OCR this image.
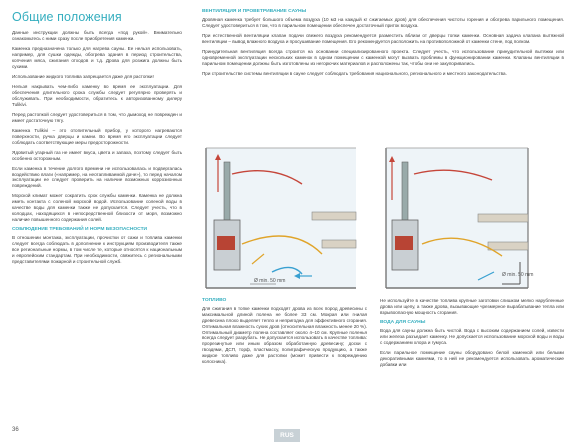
Общие положения

Данные инструкции должны быть всегда «под рукой». Внимательно ознакомьтесь с ними сразу после приобретения каменки.

Каменка предназначена только для нагрева сауны. Ее нельзя использовать, например, для сушки одежды, обогрева здания в период строительства, копчения мяса, сжигания отходов и т.д. Дрова для розжига должны быть сухими.

Использование жидкого топлива запрещается даже для растопки!

Нельзя накрывать чем-либо каменку во время ее эксплуатации. Для обеспечения длительного срока службы следует регулярно проверять и обслуживать. При необходимости, обратитесь к авторизованному дилеру Tulikivi.

Перед растопкой следует удостовериться в том, что дымоход не поврежден и имеет достаточную тягу.

Каменка Tulikivi – это отопительный прибор, у которого нагреваются поверхности, ручка дверцы и камни. Во время его эксплуатации следует соблюдать соответствующие меры предосторожности.

Ядовитый угарный газ не имеет вкуса, цвета и запаха, поэтому следует быть особенно осторожным.

Если каменка в течение долгого времени не использовалась и подвергалась воздействию влаги («например, на неотапливаемой даче»), то перед началом эксплуатации ее следует проверить на наличие возможных коррозионных повреждений.

Морской климат может сократить срок службы каменки. Каменка не должна иметь контакта с соленой морской водой. Использование соленой воды в качестве воды для каменки также не допускается. Следует учесть, что в колодцах, находящихся в непосредственной близости от моря, возможно наличие повышенного содержания солей.

СОБЛЮДЕНИЕ ТРЕБОВАНИЙ И НОРМ БЕЗОПАСНОСТИ

В отношении монтажа, эксплуатации, прочистки от сажи и топлива каменки следует всегда соблюдать в дополнение к инструкциям производителя также все региональные нормы, в том числе те, которые относятся к национальным и европейским стандартам. При необходимости, свяжитесь с региональными представителями пожарной и строительной служб.

ВЕНТИЛЯЦИЯ И ПРОВЕТРИВАНИЕ САУНЫ

Дровяная каменка требует большого объема воздуха (10 м3 на каждый кг сжигаемых дров) для обеспечения чистоты горения и обогрева парильного помещения. Следует удостовериться в том, что в парильном помещении обеспечен достаточный приток воздуха.

При естественной вентиляции клапан подачи свежего воздуха рекомендуется разместить вблизи от дверцы топки каменки. Основная задача клапана вытяжной вентиляции – вывод влажного воздуха и просушивание помещения. Его рекомендуется расположить на противоположной от каменки стене, под полком.

Принудительная вентиляция всегда строится на основании специализированного проекта. Следует учесть, что использование принудительной вытяжки или одновременной эксплуатации нескольких каменок в одном помещении с каменкой могут вызвать проблемы в функционировании каменки. Клапаны вентиляции в парильном помещении должны быть изготовлены из негорючих материалов и расположены так, чтобы они не закупоривались.

При строительстве системы вентиляции в сауне следует соблюдать требования национального, регионального и местного законодательства.

Ø min. 50 mm
Ø min. 50 mm
ТОПЛИВО

Для сжигания в топке каменки подходят дрова из всех пород древесины с максимальной длиной полена не более 33 см. Мокрая или гнилая древесина плохо выделяет тепло и непригодна для эффективного сгорания. Оптимальная влажность сухих дров (относительная влажность менее 20 %). Оптимальный диаметр полена составляет около 4–10 см. Крупные поленья всегда следует разрубать. Не допускается использовать в качестве топлива: прорезинутые или иным образом обработанную древесину; доски с гвоздями, ДСП, торф, пластмассу, полиграфическую продукцию, а также жидкое топливо даже для растопки (может привести к повреждению колосника).

Не используйте в качестве топлива крупные заготовки слишком мелко нарубленные дрова или щепу, а также дрова, вызывающие чрезмерное вырабатывание тепла или взрывоопасную мощность сгорания.

ВОДА ДЛЯ САУНЫ

Вода для сауны должна быть чистой. Вода с высоким содержанием солей, извести или железа разъедает каменку. Не допускается использование морской воды и воды с содержанием хлора и гумуса.

Если парильное помещение сауны оборудовано белой каменкой или белыми декоративными камнями, то в ней не рекомендуется использовать ароматические добавки или

36
RUS
